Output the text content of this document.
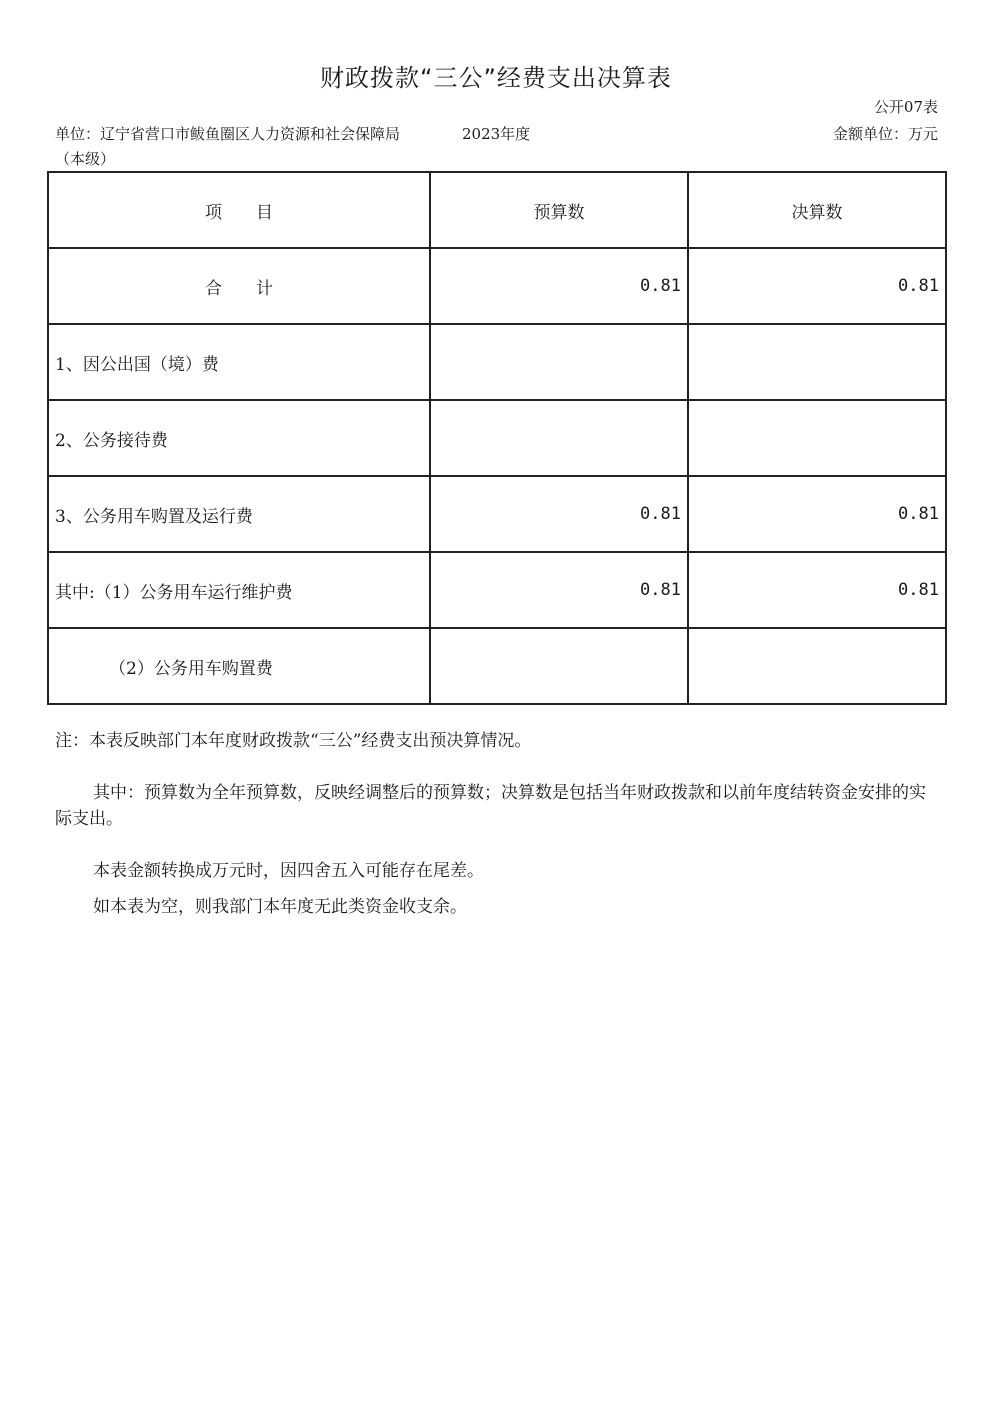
财政拨款“三公”经费支出决算表
公开07表
单位：辽宁省营口市鲅鱼圈区人力资源和社会保障局（本级）
2023年度	金额单位：万元
项　　目	预算数	决算数
合　　计	0.81	0.81
1、因公出国（境）费		
2、公务接待费		
3、公务用车购置及运行费	0.81	0.81
其中:（1）公务用车运行维护费	0.81	0.81
（2）公务用车购置费		

注：本表反映部门本年度财政拨款“三公”经费支出预决算情况。

其中：预算数为全年预算数，反映经调整后的预算数；决算数是包括当年财政拨款和以前年度结转资金安排的实际支出。

本表金额转换成万元时，因四舍五入可能存在尾差。

如本表为空，则我部门本年度无此类资金收支余。
